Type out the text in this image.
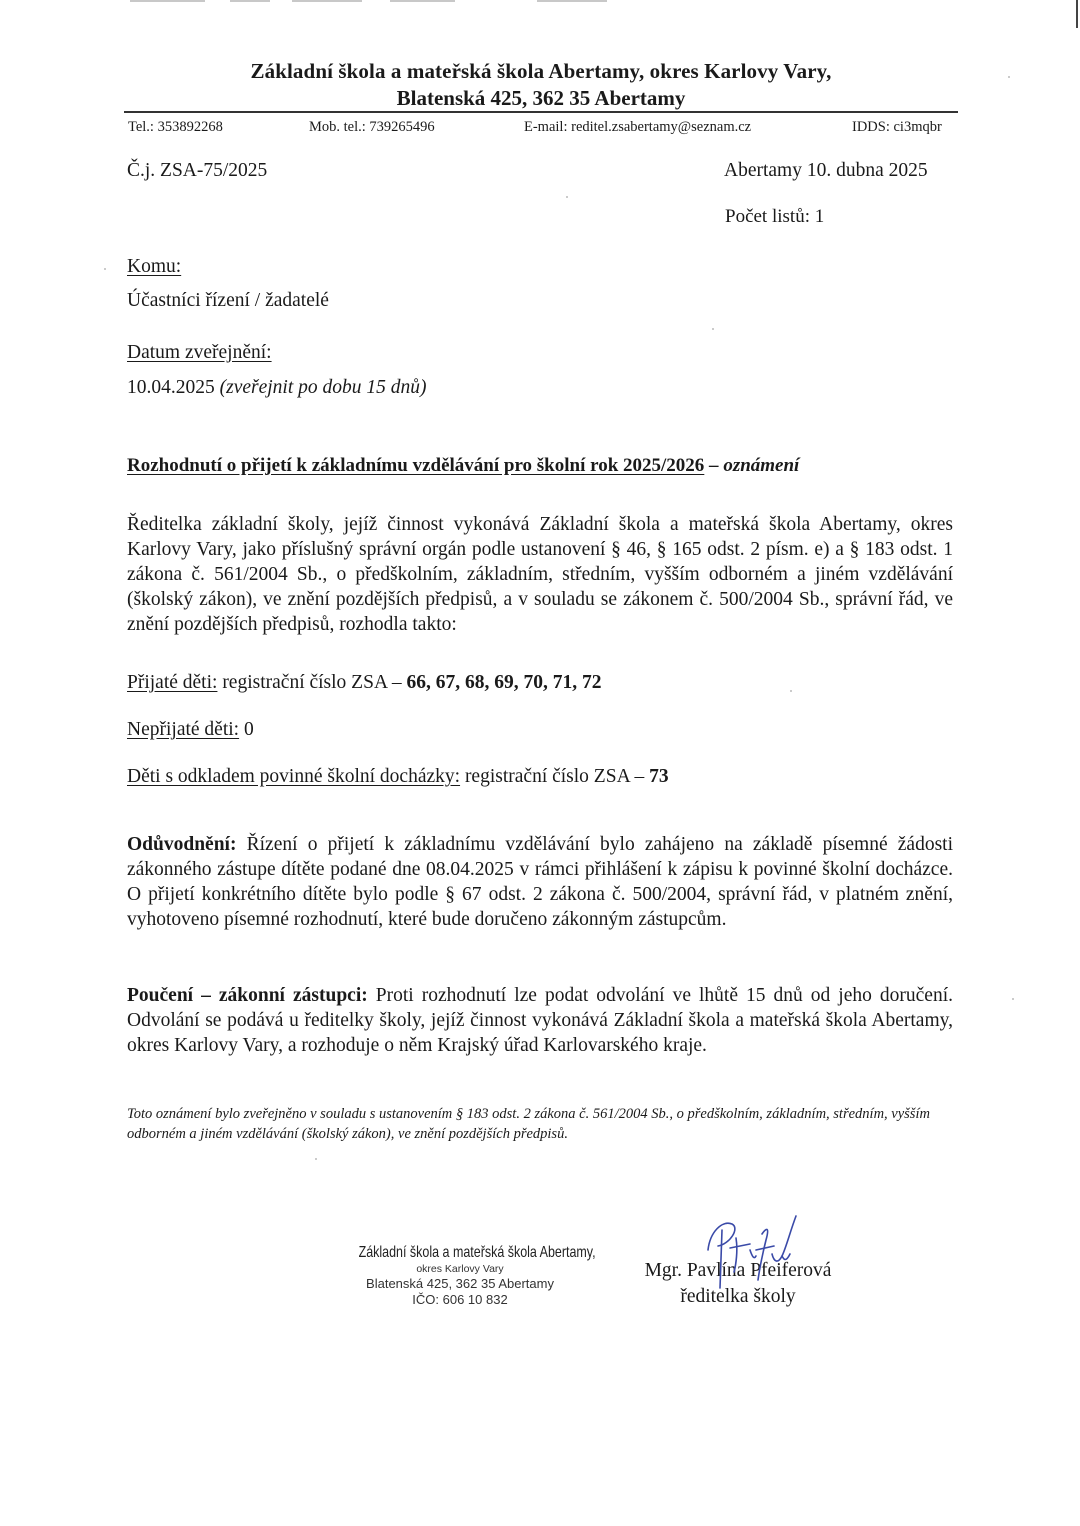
Základní škola a mateřská škola Abertamy, okres Karlovy Vary,
Blatenská 425, 362 35 Abertamy
Tel.: 353892268	Mob. tel.: 739265496	E-mail: reditel.zsabertamy@seznam.cz	IDDS: ci3mqbr
Č.j. ZSA-75/2025	Abertamy 10. dubna 2025
Počet listů: 1
Komu:
Účastníci řízení / žadatelé
Datum zveřejnění:
10.04.2025 (zveřejnit po dobu 15 dnů)
Rozhodnutí o přijetí k základnímu vzdělávání pro školní rok 2025/2026 – oznámení
Ředitelka základní školy, jejíž činnost vykonává Základní škola a mateřská škola Abertamy, okres Karlovy Vary, jako příslušný správní orgán podle ustanovení § 46, § 165 odst. 2 písm. e) a § 183 odst. 1 zákona č. 561/2004 Sb., o předškolním, základním, středním, vyšším odborném a jiném vzdělávání (školský zákon), ve znění pozdějších předpisů, a v souladu se zákonem č. 500/2004 Sb., správní řád, ve znění pozdějších předpisů, rozhodla takto:
Přijaté děti: registrační číslo ZSA – 66, 67, 68, 69, 70, 71, 72
Nepřijaté děti: 0
Děti s odkladem povinné školní docházky: registrační číslo ZSA – 73
Odůvodnění: Řízení o přijetí k základnímu vzdělávání bylo zahájeno na základě písemné žádosti zákonného zástupe dítěte podané dne 08.04.2025 v rámci přihlášení k zápisu k povinné školní docházce. O přijetí konkrétního dítěte bylo podle § 67 odst. 2 zákona č. 500/2004, správní řád, v platném znění, vyhotoveno písemné rozhodnutí, které bude doručeno zákonným zástupcům.
Poučení – zákonní zástupci: Proti rozhodnutí lze podat odvolání ve lhůtě 15 dnů od jeho doručení. Odvolání se podává u ředitelky školy, jejíž činnost vykonává Základní škola a mateřská škola Abertamy, okres Karlovy Vary, a rozhoduje o něm Krajský úřad Karlovarského kraje.
Toto oznámení bylo zveřejněno v souladu s ustanovením § 183 odst. 2 zákona č. 561/2004 Sb., o předškolním, základním, středním, vyšším odborném a jiném vzdělávání (školský zákon), ve znění pozdějších předpisů.
Základní škola a mateřská škola Abertamy,
okres Karlovy Vary
Blatenská 425, 362 35 Abertamy
IČO: 606 10 832
Mgr. Pavlína Pfeiferová
ředitelka školy
